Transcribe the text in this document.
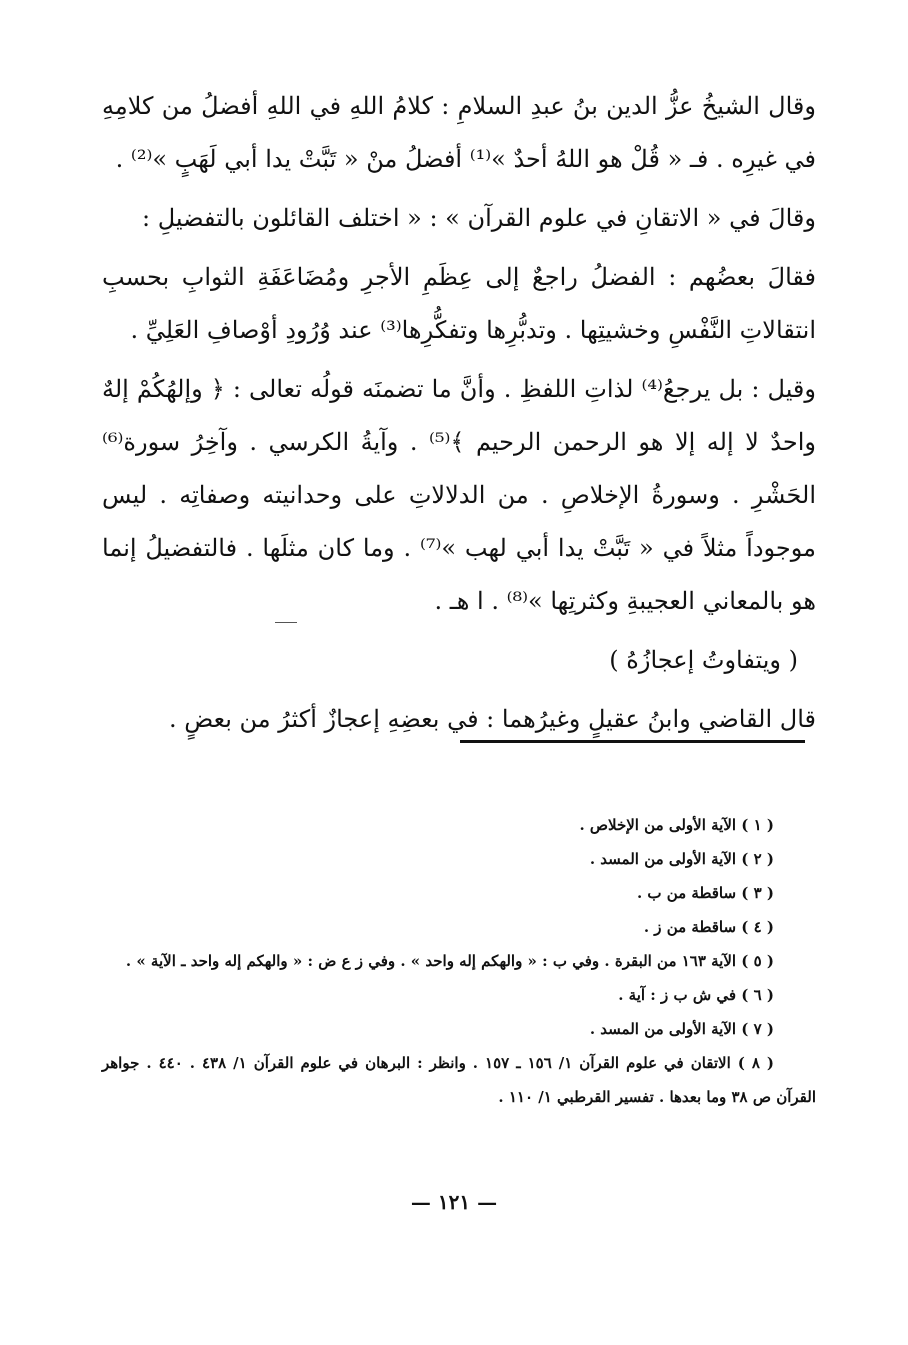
وقال الشيخُ عزُّ الدين بنُ عبدِ السلامِ : كلامُ اللهِ في اللهِ أفضلُ من كلامِهِ في غيرِه . فـ « قُلْ هو اللهُ أحدٌ »⁽¹⁾ أفضلُ منْ « تَبَّتْ يدا أبي لَهَبٍ »⁽²⁾ .

وقالَ في « الاتقانِ في علوم القرآن » : « اختلف القائلون بالتفضيلِ :

فقالَ بعضُهم : الفضلُ راجعٌ إلى عِظَمِ الأجرِ ومُضَاعَفَةِ الثوابِ بحسبِ انتقالاتِ النَّفْسِ وخشيتِها . وتدبُّرِها وتفكُّرِها⁽³⁾ عند وُرُودِ أوْصافِ العَلِيِّ .

وقيل : بل يرجعُ⁽⁴⁾ لذاتِ اللفظِ . وأنَّ ما تضمنَه قولُه تعالى : ﴿ وإلهُكُمْ إلهٌ واحدٌ لا إله إلا هو الرحمن الرحيم ﴾⁽⁵⁾ . وآيةُ الكرسي . وآخِرُ سورة⁽⁶⁾ الحَشْرِ . وسورةُ الإخلاصِ . من الدلالاتِ على وحدانيته وصفاتِه . ليس موجوداً مثلاً في « تَبَّتْ يدا أبي لهب »⁽⁷⁾ . وما كان مثلَها . فالتفضيلُ إنما هو بالمعاني العجيبةِ وكثرتِها »⁽⁸⁾ . ا هـ .

( ويتفاوتُ إعجازُهُ )

قال القاضي وابنُ عقيلٍ وغيرُهما : في بعضِهِ إعجازٌ أكثرُ من بعضٍ .

( ١ ) الآية الأولى من الإخلاص .

( ٢ ) الآية الأولى من المسد .

( ٣ ) ساقطة من ب .

( ٤ ) ساقطة من ز .

( ٥ ) الآية ١٦٣ من البقرة . وفي ب : « والهكم إله واحد » . وفي ز ع ض : « والهكم إله واحد ـ الآية » .

( ٦ ) في ش ب ز : آية .

( ٧ ) الآية الأولى من المسد .

( ٨ ) الاتقان في علوم القرآن ١/ ١٥٦ ـ ١٥٧ . وانظر : البرهان في علوم القرآن ١/ ٤٣٨ . ٤٤٠ . جواهر القرآن ص ٣٨ وما بعدها . تفسير القرطبي ١/ ١١٠ .

— ١٢١ —
